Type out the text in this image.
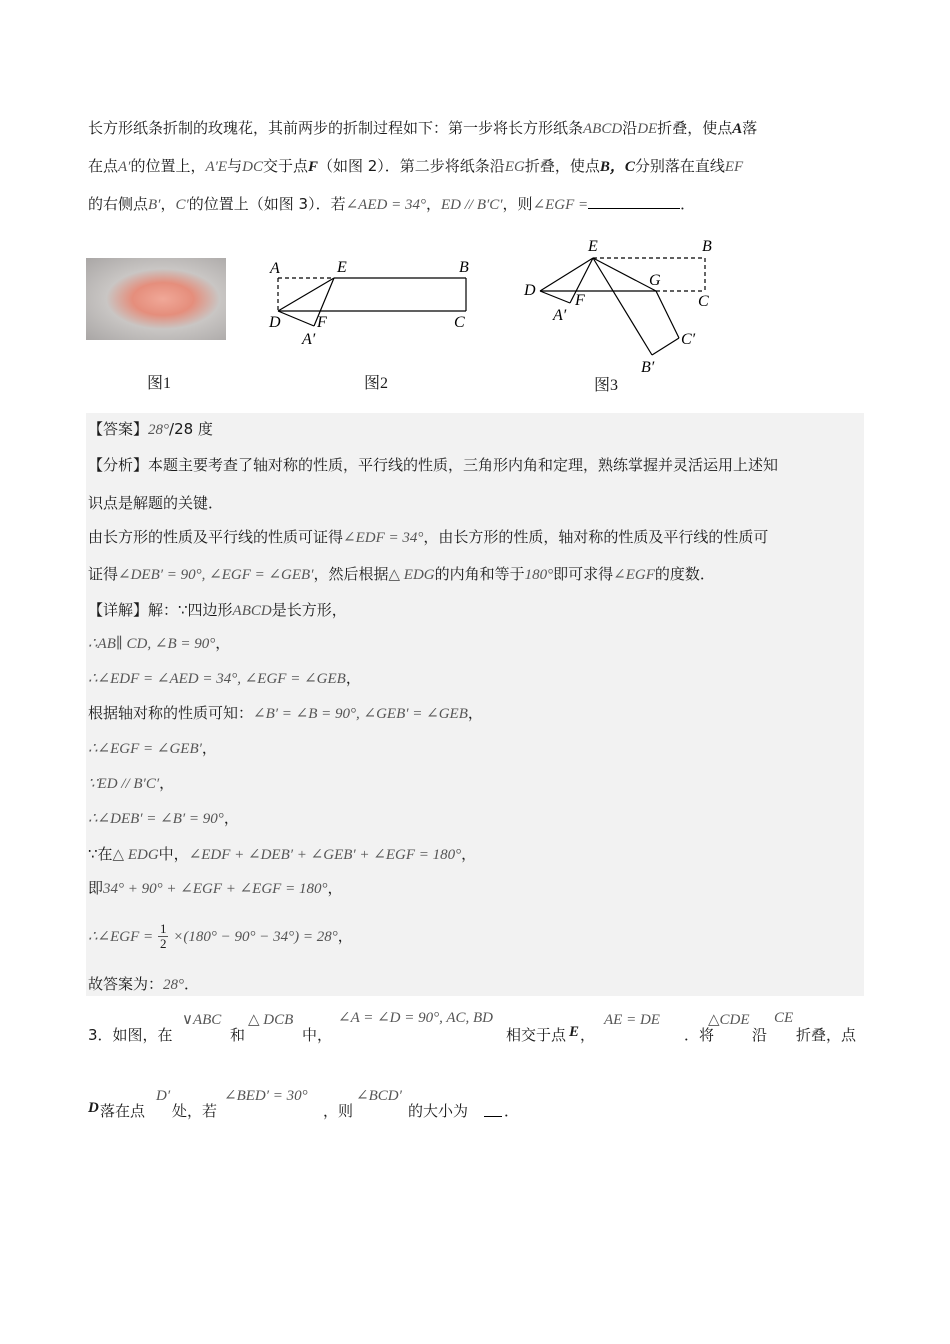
长方形纸条折制的玫瑰花，其前两步的折制过程如下：第一步将长方形纸条ABCD沿DE折叠，使点A落
在点A′的位置上，A′E与DC交于点F（如图 2）．第二步将纸条沿EG折叠，使点B，C分别落在直线EF
的右侧点B′，C′的位置上（如图 3）．若∠AED = 34°，ED // B′C′，则∠EGF =	．
图1
A	E	B
D F	C
A′
图2
E	B
D
G
C
F
A′
C′
B′
图3
【答案】28°/28 度
【分析】本题主要考查了轴对称的性质，平行线的性质，三角形内角和定理，熟练掌握并灵活运用上述知
识点是解题的关键．
由长方形的性质及平行线的性质可证得∠EDF = 34°，由长方形的性质，轴对称的性质及平行线的性质可
证得∠DEB′ = 90°, ∠EGF = ∠GEB′，然后根据△ EDG的内角和等于180°即可求得∠EGF的度数．
【详解】解：∵四边形ABCD是长方形，
∴AB∥ CD, ∠B = 90°，
∴∠EDF = ∠AED = 34°, ∠EGF = ∠GEB，
根据轴对称的性质可知：∠B′ = ∠B = 90°, ∠GEB′ = ∠GEB，
∴∠EGF = ∠GEB′，
∵ED // B′C′，
∴∠DEB′ = ∠B′ = 90°，
∵在△ EDG中，∠EDF + ∠DEB′ + ∠GEB′ + ∠EGF = 180°，
即34° + 90° + ∠EGF + ∠EGF = 180°，
∴∠EGF = $\frac{1}{2} \times(180^\circ - 90^\circ - 34^\circ) = 28^\circ$，
故答案为：28°．
3．如图，在
∨ABC
和
△ DCB
中，
∠A = ∠D = 90°, AC, BD
相交于点 E ，
AE = DE
．将
△CDE
沿
CE
折叠，点
D 落在点
D′
处，若
∠BED′ = 30°
，则
∠BCD′
的大小为 ．
